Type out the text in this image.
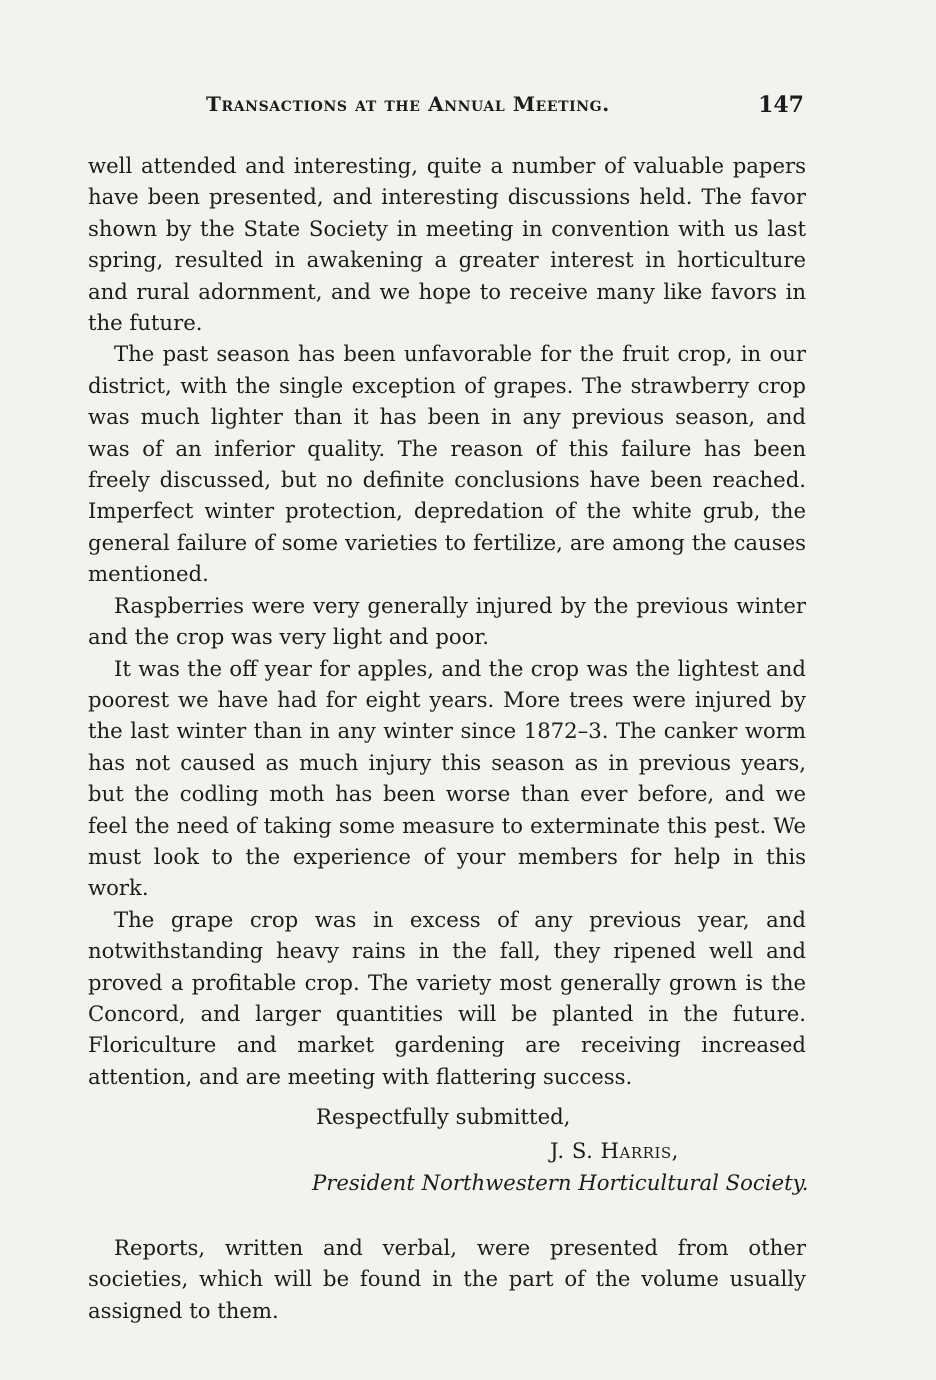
Transactions at the Annual Meeting.	147

well attended and interesting, quite a number of valuable papers have been presented, and interesting discussions held. The favor shown by the State Society in meeting in convention with us last spring, resulted in awakening a greater interest in horticulture and rural adornment, and we hope to receive many like favors in the future.

The past season has been unfavorable for the fruit crop, in our district, with the single exception of grapes. The strawberry crop was much lighter than it has been in any previous season, and was of an inferior quality. The reason of this failure has been freely discussed, but no definite conclusions have been reached. Imperfect winter protection, depredation of the white grub, the general failure of some varieties to fertilize, are among the causes mentioned.

Raspberries were very generally injured by the previous winter and the crop was very light and poor.

It was the off year for apples, and the crop was the lightest and poorest we have had for eight years. More trees were injured by the last winter than in any winter since 1872–3. The canker worm has not caused as much injury this season as in previous years, but the codling moth has been worse than ever before, and we feel the need of taking some measure to exterminate this pest. We must look to the experience of your members for help in this work.

The grape crop was in excess of any previous year, and notwithstanding heavy rains in the fall, they ripened well and proved a profitable crop. The variety most generally grown is the Concord, and larger quantities will be planted in the future. Floriculture and market gardening are receiving increased attention, and are meeting with flattering success.

Respectfully submitted,
J. S. Harris,
President Northwestern Horticultural Society.

Reports, written and verbal, were presented from other societies, which will be found in the part of the volume usually assigned to them.
